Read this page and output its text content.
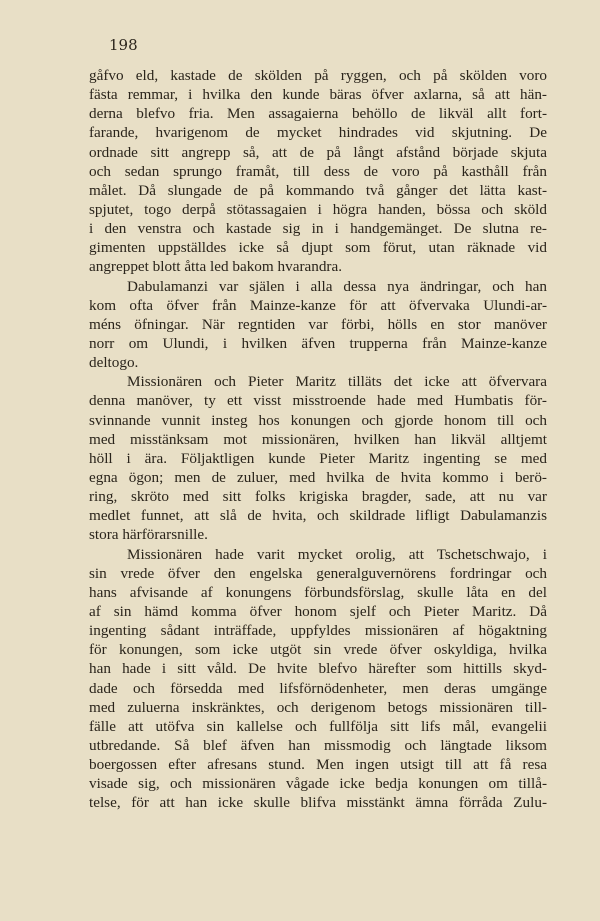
198
gåfvo eld, kastade de skölden på ryggen, och på skölden voro
fästa remmar, i hvilka den kunde bäras öfver axlarna, så att hän-
derna blefvo fria. Men assagaierna behöllo de likväl allt fort-
farande, hvarigenom de mycket hindrades vid skjutning. De
ordnade sitt angrepp så, att de på långt afstånd började skjuta
och sedan sprungo framåt, till dess de voro på kasthåll från
målet. Då slungade de på kommando två gånger det lätta kast-
spjutet, togo derpå stötassagaien i högra handen, bössa och sköld
i den venstra och kastade sig in i handgemänget. De slutna re-
gimenten uppställdes icke så djupt som förut, utan räknade vid
angreppet blott åtta led bakom hvarandra.
Dabulamanzi var själen i alla dessa nya ändringar, och han
kom ofta öfver från Mainze-kanze för att öfvervaka Ulundi-ar-
méns öfningar. När regntiden var förbi, hölls en stor manöver
norr om Ulundi, i hvilken äfven trupperna från Mainze-kanze
deltogo.
Missionären och Pieter Maritz tilläts det icke att öfvervara
denna manöver, ty ett visst misstroende hade med Humbatis för-
svinnande vunnit insteg hos konungen och gjorde honom till och
med misstänksam mot missionären, hvilken han likväl alltjemt
höll i ära. Följaktligen kunde Pieter Maritz ingenting se med
egna ögon; men de zuluer, med hvilka de hvita kommo i berö-
ring, skröto med sitt folks krigiska bragder, sade, att nu var
medlet funnet, att slå de hvita, och skildrade lifligt Dabulamanzis
stora härförarsnille.
Missionären hade varit mycket orolig, att Tschetschwajo, i
sin vrede öfver den engelska generalguvernörens fordringar och
hans afvisande af konungens förbundsförslag, skulle låta en del
af sin hämd komma öfver honom sjelf och Pieter Maritz. Då
ingenting sådant inträffade, uppfyldes missionären af högaktning
för konungen, som icke utgöt sin vrede öfver oskyldiga, hvilka
han hade i sitt våld. De hvite blefvo härefter som hittills skyd-
dade och försedda med lifsförnödenheter, men deras umgänge
med zuluerna inskränktes, och derigenom betogs missionären till-
fälle att utöfva sin kallelse och fullfölja sitt lifs mål, evangelii
utbredande. Så blef äfven han missmodig och längtade liksom
boergossen efter afresans stund. Men ingen utsigt till att få resa
visade sig, och missionären vågade icke bedja konungen om tillå-
telse, för att han icke skulle blifva misstänkt ämna förråda Zulu-
